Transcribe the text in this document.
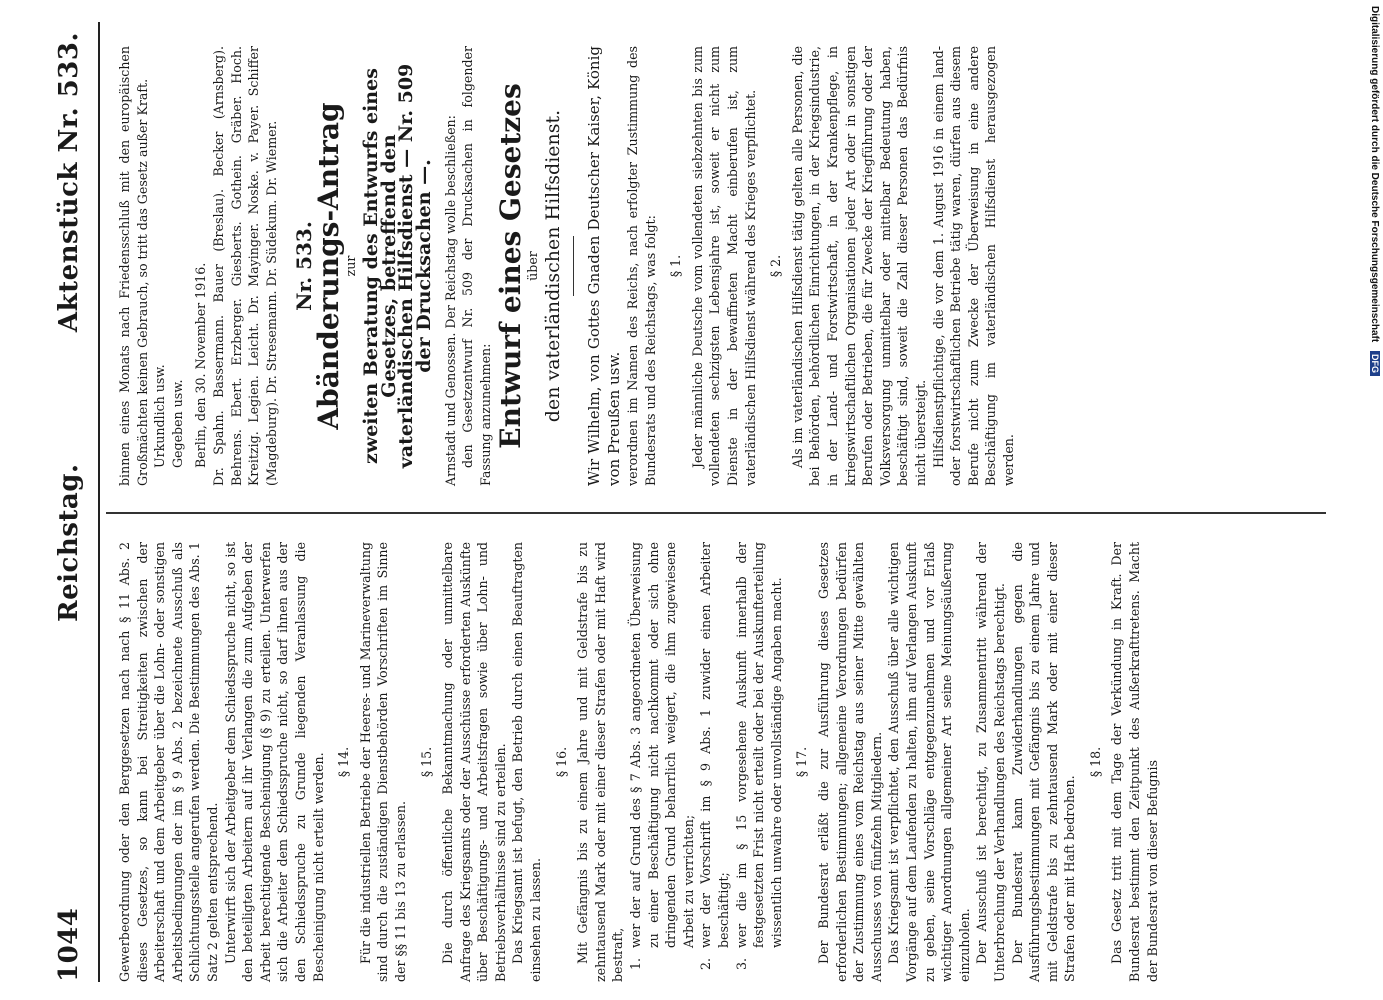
1044
Reichstag.
Aktenstück Nr. 533.

Gewerbeordnung oder den Berggesetzen nach nach § 11 Abs. 2 dieses Gesetzes, so kann bei Streitigkeiten zwischen der Arbeiterschaft und dem Arbeitgeber über die Lohn- oder sonstigen Arbeitsbedingungen der im § 9 Abs. 2 bezeichnete Ausschuß als Schlichtungsstelle angerufen werden. Die Bestimmungen des Abs. 1 Satz 2 gelten entsprechend. Unterwirft sich der Arbeitgeber dem Schiedsspruche nicht, so ist den beteiligten Arbeitern auf ihr Verlangen die zum Aufgeben der Arbeit berechtigende Bescheinigung (§ 9) zu erteilen. Unterwerfen sich die Arbeiter dem Schiedsspruche nicht, so darf ihnen aus der den Schiedsspruche zu Grunde liegenden Veranlassung die Bescheinigung nicht erteilt werden. § 14. Für die industriellen Betriebe der Heeres- und Marineverwaltung sind durch die zuständigen Dienstbehörden Vorschriften im Sinne der §§ 11 bis 13 zu erlassen.

§ 15. Die durch öffentliche Bekanntmachung oder unmittelbare Anfrage des Kriegsamts oder der Ausschüsse erforderten Auskünfte über Beschäftigungs- und Arbeitsfragen sowie über Lohn- und Betriebsverhältnisse sind zu erteilen. Das Kriegsamt ist befugt, den Betrieb durch einen Beauftragten einsehen zu lassen.

§ 16. Mit Gefängnis bis zu einem Jahre und mit Geldstrafe bis zu zehntausend Mark oder mit einer dieser Strafen oder mit Haft wird bestraft, 1.
wer der auf Grund des § 7 Abs. 3 angeordneten Überweisung zu einer Beschäftigung nicht nachkommt oder sich ohne dringenden Grund beharrlich weigert, die ihm zugewiesene Arbeit zu verrichten;

2.
wer der Vorschrift im § 9 Abs. 1 zuwider einen Arbeiter beschäftigt;

3.
wer die im § 15 vorgesehene Auskunft innerhalb der festgesetzten Frist nicht erteilt oder bei der Auskunfterteilung wissentlich unwahre oder unvollständige Angaben macht. § 17. Der Bundesrat erläßt die zur Ausführung dieses Gesetzes erforderlichen Bestimmungen; allgemeine Verordnungen bedürfen der Zustimmung eines vom Reichstag aus seiner Mitte gewählten Ausschusses von fünfzehn Mitgliedern. Das Kriegsamt ist verpflichtet, den Ausschuß über alle wichtigen Vorgänge auf dem Laufenden zu halten, ihm auf Verlangen Auskunft zu geben, seine Vorschläge entgegenzunehmen und vor Erlaß wichtiger Anordnungen allgemeiner Art seine Meinungsäußerung einzuholen. Der Ausschuß ist berechtigt, zu Zusammentritt während der Unterbrechung der Verhandlungen des Reichstags berechtigt. Der Bundesrat kann Zuwiderhandlungen gegen die Ausführungsbestimmungen mit Gefängnis bis zu einem Jahre und mit Geldstrafe bis zu zehntausend Mark oder mit einer dieser Strafen oder mit Haft bedrohen.

§ 18. Das Gesetz tritt mit dem Tage der Verkündung in Kraft. Der Bundesrat bestimmt den Zeitpunkt des Außerkrafttretens. Macht der Bundesrat von dieser Befugnis

binnen eines Monats nach Friedensschluß mit den europäischen Großmächten keinen Gebrauch, so tritt das Gesetz außer Kraft. Urkundlich usw. Gegeben usw. Berlin, den 30. November 1916. Dr. Spahn. Bassermann. Bauer (Breslau). Becker (Arnsberg). Behrens. Ebert. Erzberger. Giesberts. Gothein. Gräber. Hoch. Kreitzig. Legien. Leicht. Dr. Mayinger. Noske. v. Payer. Schiffer (Magdeburg). Dr. Stresemann. Dr. Südekum. Dr. Wiemer. Nr. 533.
Abänderungs-Antrag
zur zweiten Beratung des Entwurfs eines Gesetzes, betreffend den vaterländischen Hilfsdienst — Nr. 509 der Drucksachen —. Arnstadt und Genossen. Der Reichstag wolle beschließen: den Gesetzentwurf Nr. 509 der Drucksachen in folgender Fassung anzunehmen: Entwurf eines Gesetzes
über den vaterländischen Hilfsdienst. Wir Wilhelm, von Gottes Gnaden Deutscher Kaiser, König von Preußen usw. verordnen im Namen des Reichs, nach erfolgter Zustimmung des Bundesrats und des Reichstags, was folgt: § 1. Jeder männliche Deutsche vom vollendeten siebzehnten bis zum vollendeten sechzigsten Lebensjahre ist, soweit er nicht zum Dienste in der bewaffneten Macht einberufen ist, zum vaterländischen Hilfsdienst während des Krieges verpflichtet. § 2. Als im vaterländischen Hilfsdienst tätig gelten alle Personen, die bei Behörden, behördlichen Einrichtungen, in der Kriegsindustrie, in der Land- und Forstwirtschaft, in der Krankenpflege, in kriegswirtschaftlichen Organisationen jeder Art oder in sonstigen Berufen oder Betrieben, die für Zwecke der Kriegführung oder der Volksversorgung unmittelbar oder mittelbar Bedeutung haben, beschäftigt sind, soweit die Zahl dieser Personen das Bedürfnis nicht übersteigt. Hilfsdienstpflichtige, die vor dem 1. August 1916 in einem land- oder forstwirtschaftlichen Betriebe tätig waren, dürfen aus diesem Berufe nicht zum Zwecke der Überweisung in eine andere Beschäftigung im vaterländischen Hilfsdienst herausgezogen werden.

Digitalisierung gefördert durch die Deutsche Forschungsgemeinschaft DFG
